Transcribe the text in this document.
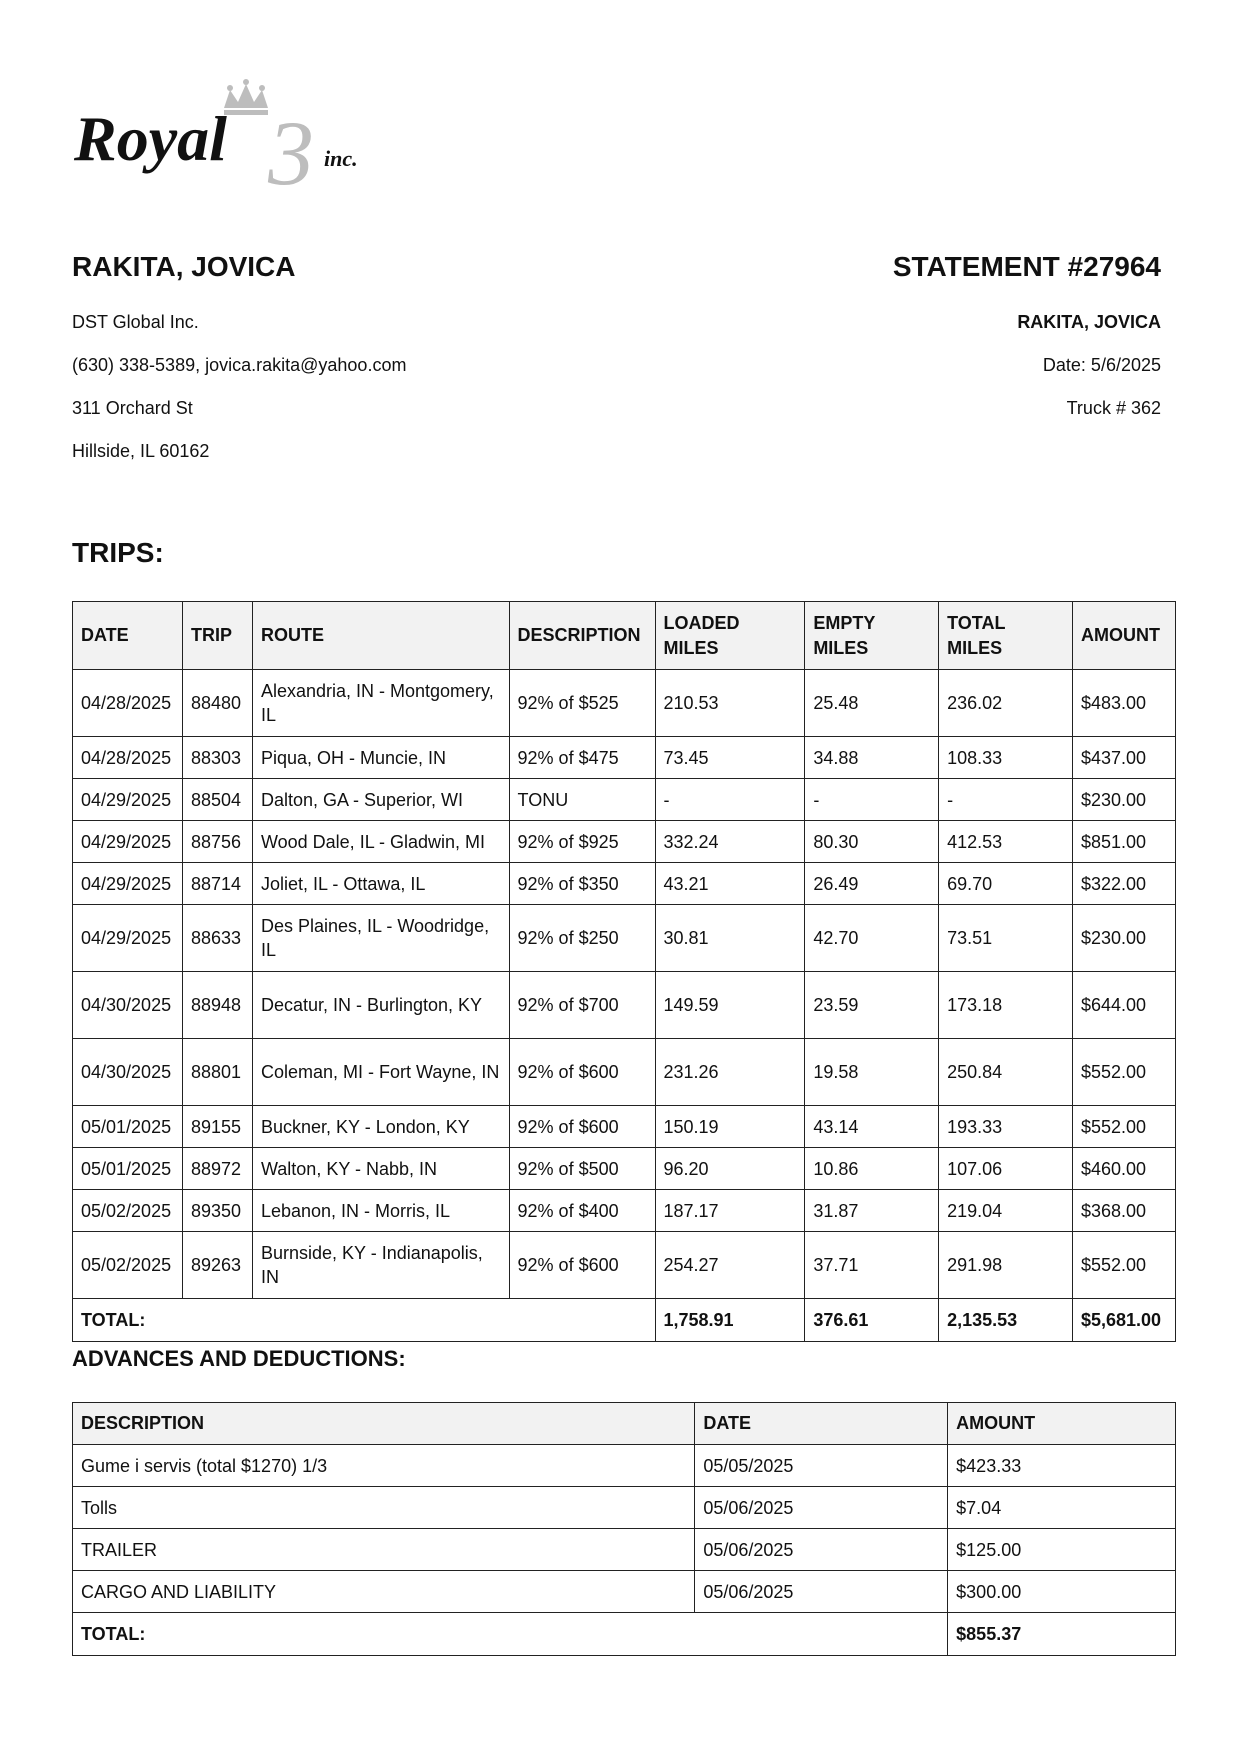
3
Royal	inc.
RAKITA, JOVICA	STATEMENT #27964
DST Global Inc.
(630) 338-5389, jovica.rakita@yahoo.com
311 Orchard St
Hillside, IL 60162
RAKITA, JOVICA
Date: 5/6/2025
Truck # 362
TRIPS:
DATE	TRIP	ROUTE	DESCRIPTION	LOADED MILES	EMPTY MILES	TOTAL MILES	AMOUNT
04/28/2025	88480	Alexandria, IN - Montgomery, IL	92% of $525	210.53	25.48	236.02	$483.00
04/28/2025	88303	Piqua, OH - Muncie, IN	92% of $475	73.45	34.88	108.33	$437.00
04/29/2025	88504	Dalton, GA - Superior, WI	TONU	-	-	-	$230.00
04/29/2025	88756	Wood Dale, IL - Gladwin, MI	92% of $925	332.24	80.30	412.53	$851.00
04/29/2025	88714	Joliet, IL - Ottawa, IL	92% of $350	43.21	26.49	69.70	$322.00
04/29/2025	88633	Des Plaines, IL - Woodridge, IL	92% of $250	30.81	42.70	73.51	$230.00
04/30/2025	88948	Decatur, IN - Burlington, KY	92% of $700	149.59	23.59	173.18	$644.00
04/30/2025	88801	Coleman, MI - Fort Wayne, IN	92% of $600	231.26	19.58	250.84	$552.00
05/01/2025	89155	Buckner, KY - London, KY	92% of $600	150.19	43.14	193.33	$552.00
05/01/2025	88972	Walton, KY - Nabb, IN	92% of $500	96.20	10.86	107.06	$460.00
05/02/2025	89350	Lebanon, IN - Morris, IL	92% of $400	187.17	31.87	219.04	$368.00
05/02/2025	89263	Burnside, KY - Indianapolis, IN	92% of $600	254.27	37.71	291.98	$552.00
TOTAL:				1,758.91	376.61	2,135.53	$5,681.00
ADVANCES AND DEDUCTIONS:
DESCRIPTION	DATE	AMOUNT
Gume i servis (total $1270) 1/3	05/05/2025	$423.33
Tolls	05/06/2025	$7.04
TRAILER	05/06/2025	$125.00
CARGO AND LIABILITY	05/06/2025	$300.00
TOTAL:		$855.37
